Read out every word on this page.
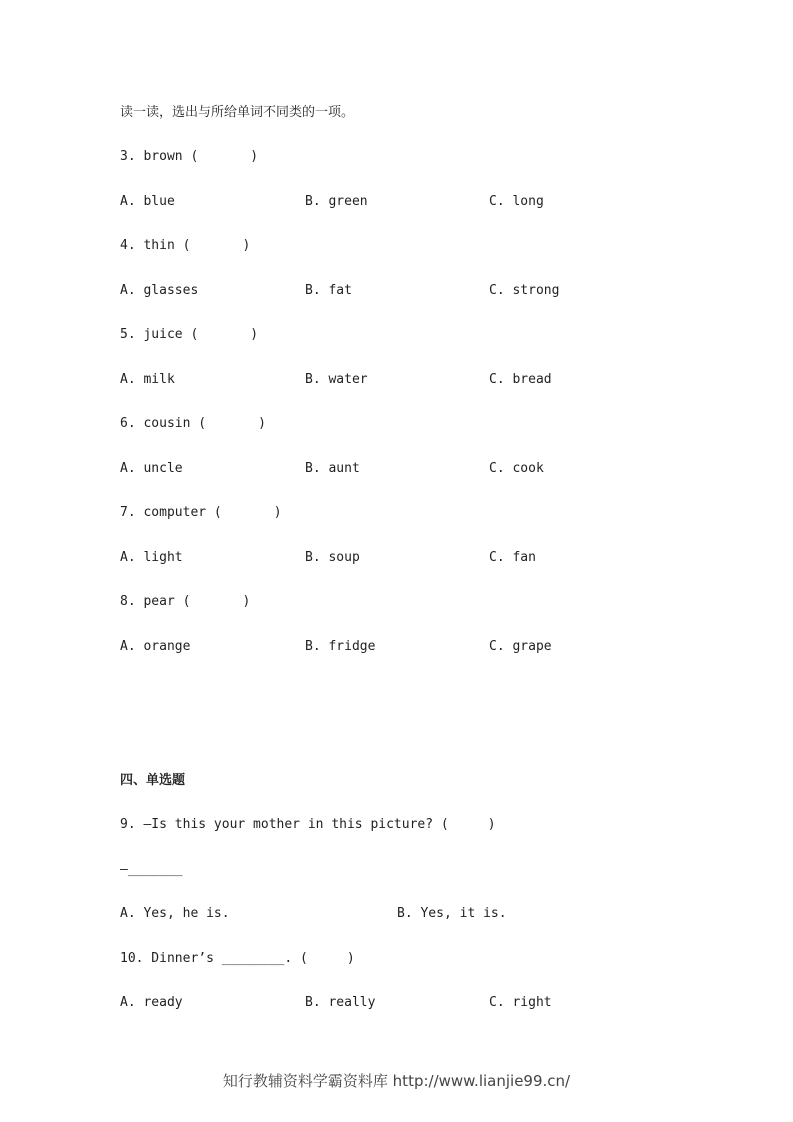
读一读，选出与所给单词不同类的一项。
3. brown (　　　　)
A. blue	B. green	C. long
4. thin (　　　　)
A. glasses	B. fat	C. strong
5. juice (　　　　)
A. milk	B. water	C. bread
6. cousin (　　　　)
A. uncle	B. aunt	C. cook
7. computer (　　　　)
A. light	B. soup	C. fan
8. pear (　　　　)
A. orange	B. fridge	C. grape
四、单选题
9. —Is this your mother in this picture? (　　　)
—_______
A. Yes, he is.	B. Yes, it is.
10. Dinner’s ________. (　　　)
A. ready	B. really	C. right
知行教辅资料学霸资料库 http://www.lianjie99.cn/
